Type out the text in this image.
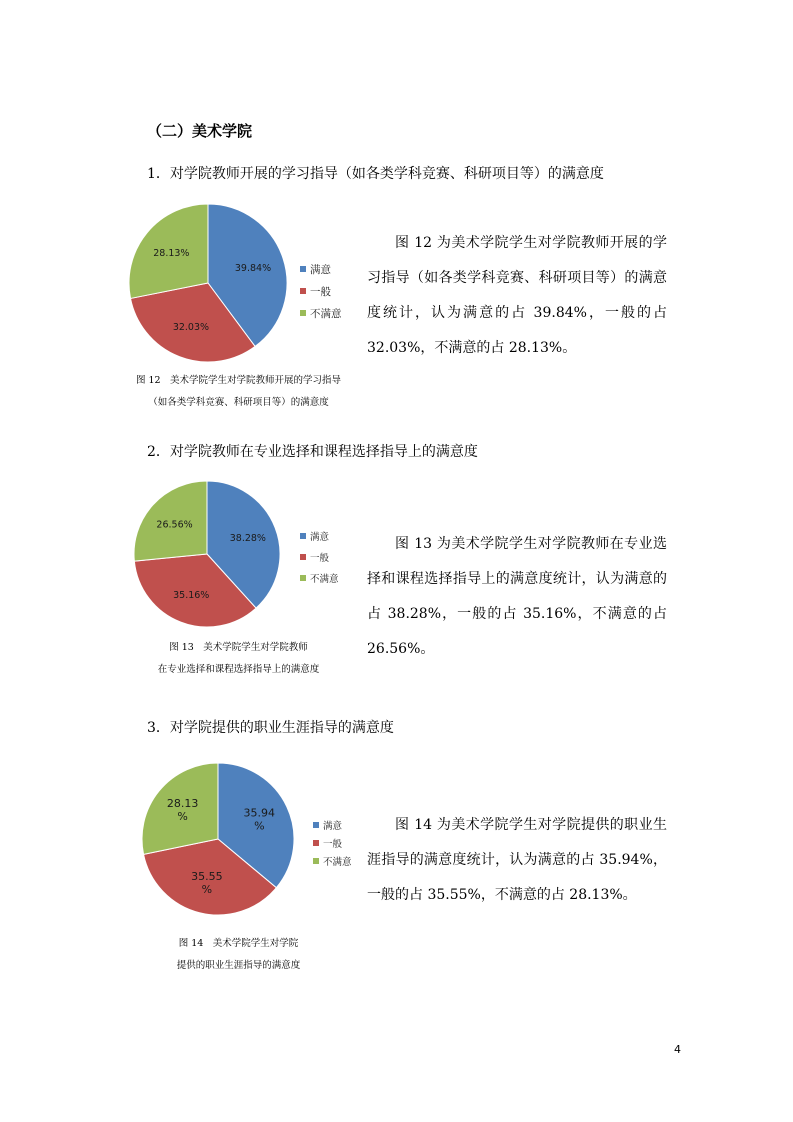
（二）美术学院
1．对学院教师开展的学习指导（如各类学科竞赛、科研项目等）的满意度
39.84%
32.03%
28.13%
满意
一般
不满意
图 12 为美术学院学生对学院教师开展的学习指导（如各类学科竞赛、科研项目等）的满意度统计，认为满意的占 39.84%，一般的占 32.03%，不满意的占 28.13%。
图 12　美术学院学生对学院教师开展的学习指导
（如各类学科竞赛、科研项目等）的满意度
2．对学院教师在专业选择和课程选择指导上的满意度
38.28%
35.16%
26.56%
满意
一般
不满意
图 13 为美术学院学生对学院教师在专业选择和课程选择指导上的满意度统计，认为满意的占 38.28%，一般的占 35.16%，不满意的占 26.56%。
图 13　美术学院学生对学院教师
在专业选择和课程选择指导上的满意度
3．对学院提供的职业生涯指导的满意度
35.94 %
35.55 %
28.13 %
满意
一般
不满意
图 14 为美术学院学生对学院提供的职业生涯指导的满意度统计，认为满意的占 35.94%，一般的占 35.55%，不满意的占 28.13%。
图 14　美术学院学生对学院
提供的职业生涯指导的满意度
4
